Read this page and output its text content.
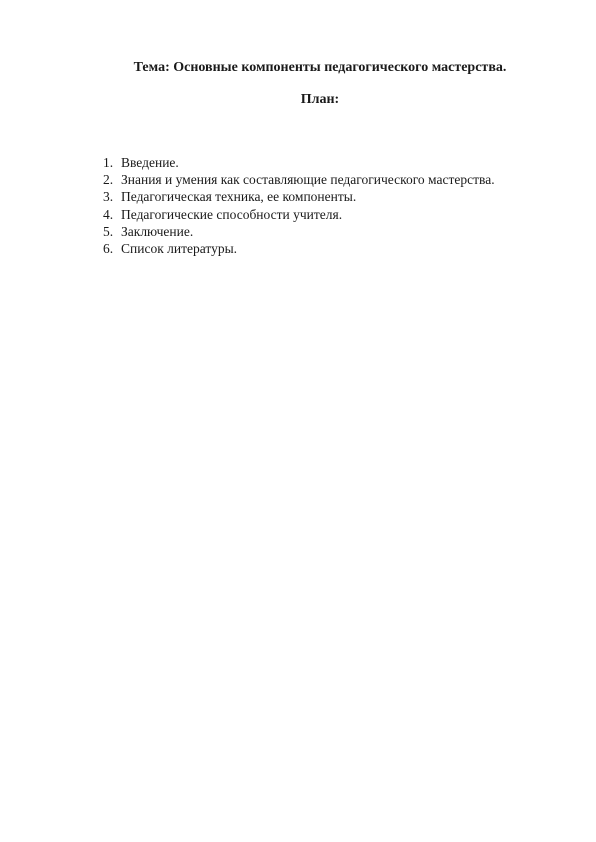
Тема: Основные компоненты педагогического мастерства.
План:
1. Введение.
2. Знания и умения как составляющие педагогического мастерства.
3. Педагогическая техника, ее компоненты.
4. Педагогические способности учителя.
5. Заключение.
6. Список литературы.
